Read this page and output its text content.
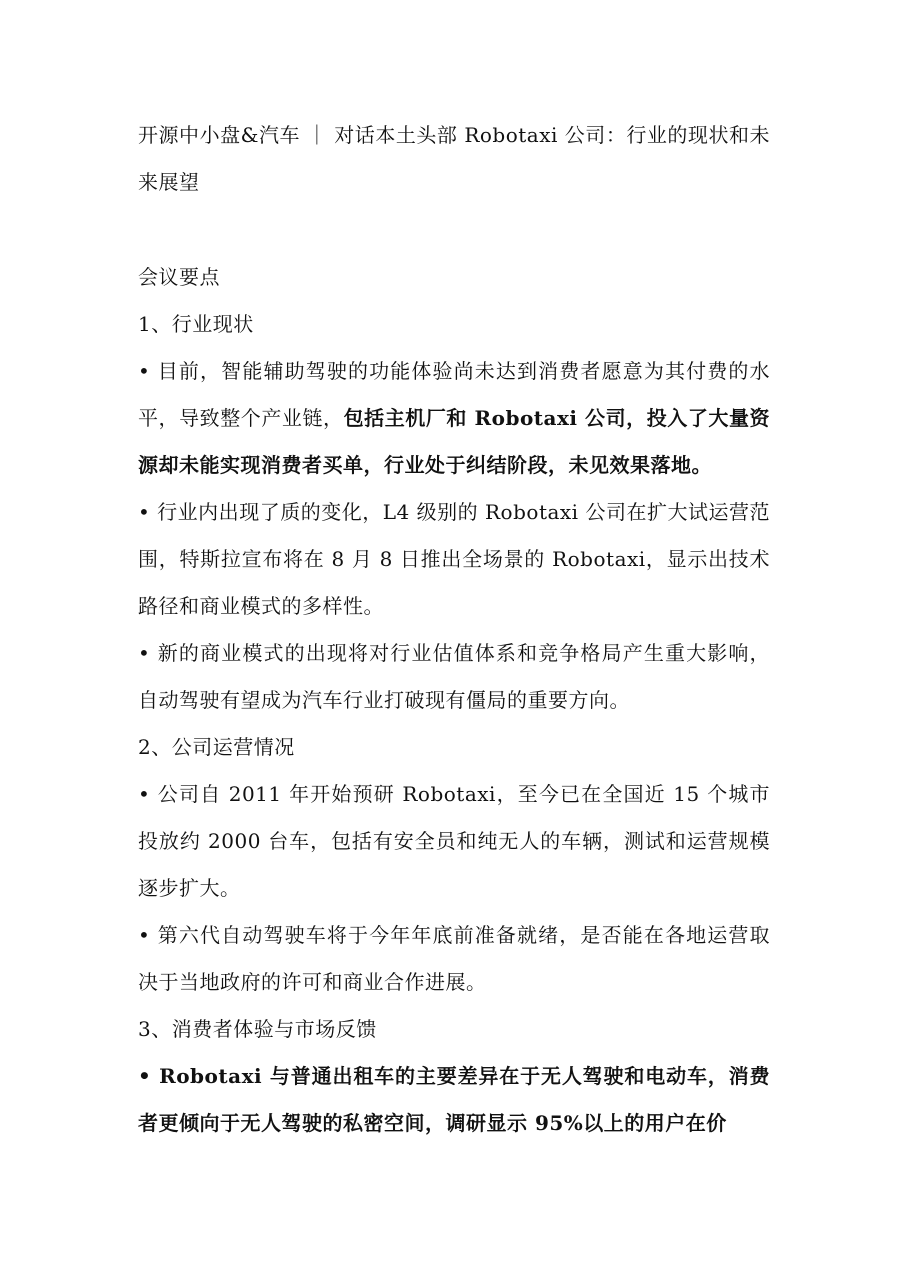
开源中小盘&汽车 ｜ 对话本土头部 Robotaxi 公司：行业的现状和未来展望

会议要点

1、行业现状

• 目前，智能辅助驾驶的功能体验尚未达到消费者愿意为其付费的水平，导致整个产业链，包括主机厂和 Robotaxi 公司，投入了大量资源却未能实现消费者买单，行业处于纠结阶段，未见效果落地。

• 行业内出现了质的变化，L4 级别的 Robotaxi 公司在扩大试运营范围，特斯拉宣布将在 8 月 8 日推出全场景的 Robotaxi，显示出技术路径和商业模式的多样性。

• 新的商业模式的出现将对行业估值体系和竞争格局产生重大影响，自动驾驶有望成为汽车行业打破现有僵局的重要方向。

2、公司运营情况

• 公司自 2011 年开始预研 Robotaxi，至今已在全国近 15 个城市投放约 2000 台车，包括有安全员和纯无人的车辆，测试和运营规模逐步扩大。

• 第六代自动驾驶车将于今年年底前准备就绪，是否能在各地运营取决于当地政府的许可和商业合作进展。

3、消费者体验与市场反馈

• Robotaxi 与普通出租车的主要差异在于无人驾驶和电动车，消费者更倾向于无人驾驶的私密空间，调研显示 95%以上的用户在价
